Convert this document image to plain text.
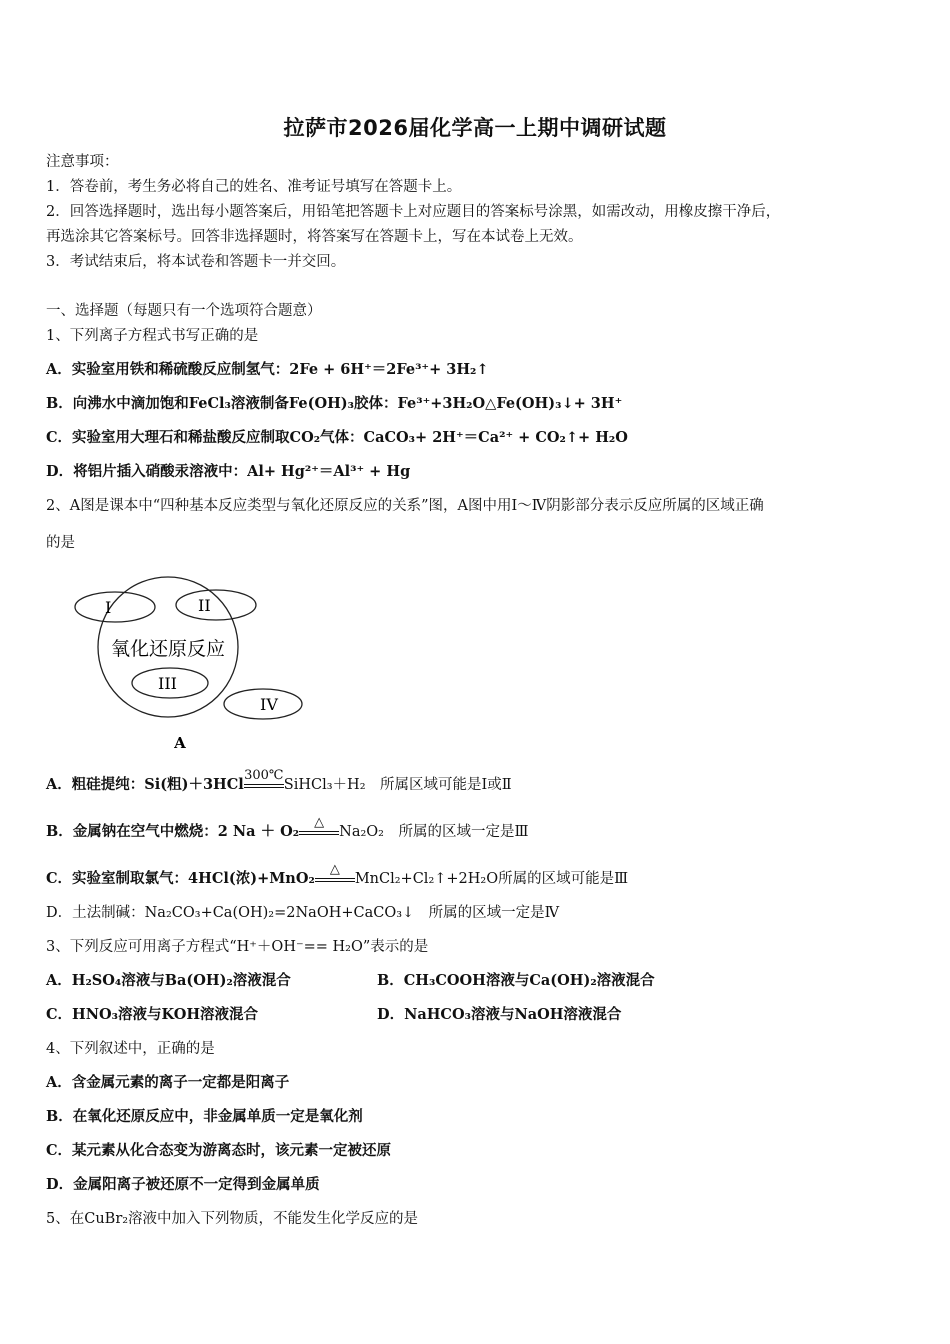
拉萨市2026届化学高一上期中调研试题
注意事项：
1．答卷前，考生务必将自己的姓名、准考证号填写在答题卡上。
2．回答选择题时，选出每小题答案后，用铅笔把答题卡上对应题目的答案标号涂黑，如需改动，用橡皮擦干净后，
再选涂其它答案标号。回答非选择题时，将答案写在答题卡上，写在本试卷上无效。
3．考试结束后，将本试卷和答题卡一并交回。
一、选择题（每题只有一个选项符合题意）
1、下列离子方程式书写正确的是
A．实验室用铁和稀硫酸反应制氢气：2Fe + 6H⁺＝2Fe³⁺+ 3H₂↑
B．向沸水中滴加饱和FeCl₃溶液制备Fe(OH)₃胶体：Fe³⁺+3H₂O△Fe(OH)₃↓+ 3H⁺
C．实验室用大理石和稀盐酸反应制取CO₂气体：CaCO₃+ 2H⁺＝Ca²⁺ + CO₂↑+ H₂O
D．将铝片插入硝酸汞溶液中：Al+ Hg²⁺＝Al³⁺ + Hg
2、A图是课本中“四种基本反应类型与氧化还原反应的关系”图，A图中用Ⅰ～Ⅳ阴影部分表示反应所属的区域正确
的是
I	II
III
IV
氧化还原反应
A
A．粗硅提纯：Si(粗)＋3HCl
300℃
SiHCl₃＋H₂　所属区域可能是Ⅰ或Ⅱ
B．金属钠在空气中燃烧：2 Na ＋ O₂
△
Na₂O₂　所属的区域一定是Ⅲ
C．实验室制取氯气：4HCl(浓)+MnO₂
△
MnCl₂+Cl₂↑+2H₂O所属的区域可能是Ⅲ
D．土法制碱：Na₂CO₃+Ca(OH)₂=2NaOH+CaCO₃↓　所属的区域一定是Ⅳ
3、下列反应可用离子方程式“H⁺＋OH⁻== H₂O”表示的是
A．H₂SO₄溶液与Ba(OH)₂溶液混合	B．CH₃COOH溶液与Ca(OH)₂溶液混合
C．HNO₃溶液与KOH溶液混合	D．NaHCO₃溶液与NaOH溶液混合
4、下列叙述中，正确的是
A．含金属元素的离子一定都是阳离子
B．在氧化还原反应中，非金属单质一定是氧化剂
C．某元素从化合态变为游离态时，该元素一定被还原
D．金属阳离子被还原不一定得到金属单质
5、在CuBr₂溶液中加入下列物质，不能发生化学反应的是
